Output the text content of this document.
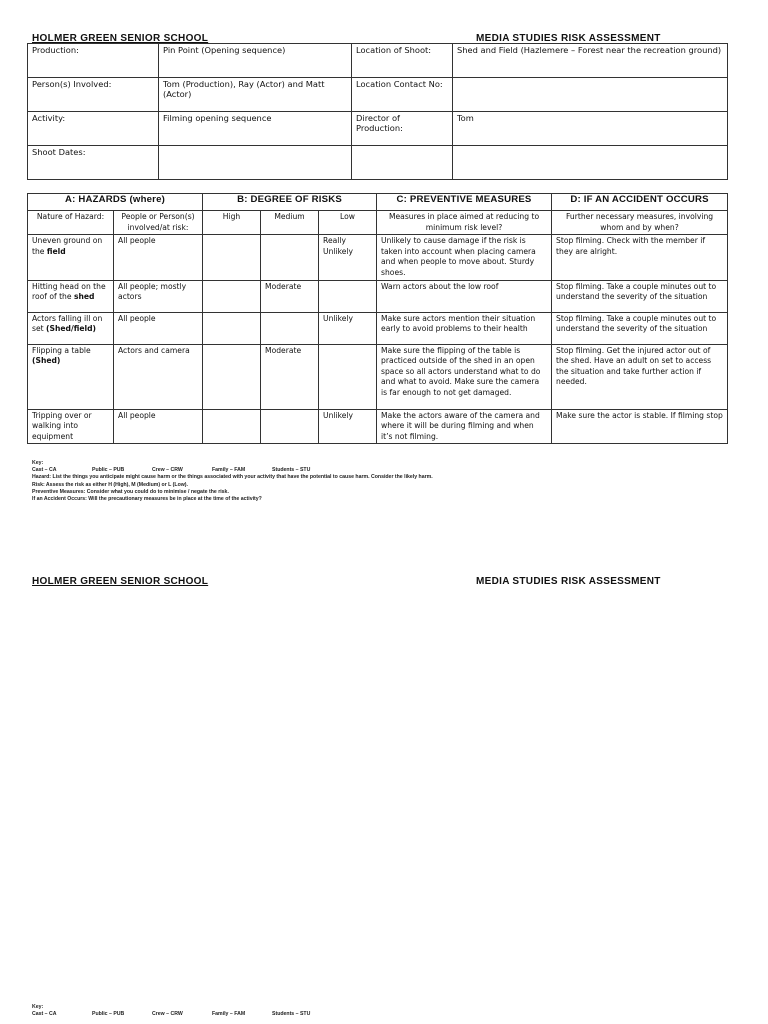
HOLMER GREEN SENIOR SCHOOL	MEDIA STUDIES RISK ASSESSMENT
Production:	Pin Point (Opening sequence)	Location of Shoot:	Shed and Field (Hazlemere – Forest near the recreation ground)
Person(s) Involved:	Tom (Production), Ray (Actor) and Matt (Actor)	Location Contact No:	
Activity:	Filming opening sequence	Director of Production:	Tom
Shoot Dates:			
A: HAZARDS (where)		B: DEGREE OF RISKS			C: PREVENTIVE MEASURES	D: IF AN ACCIDENT OCCURS
Nature of Hazard:	People or Person(s) involved/at risk:	High	Medium	Low	Measures in place aimed at reducing to minimum risk level?	Further necessary measures, involving whom and by when?
Uneven ground on the field	All people			Really Unlikely	Unlikely to cause damage if the risk is taken into account when placing camera and when people to move about. Sturdy shoes.	Stop filming. Check with the member if they are alright.
Hitting head on the roof of the shed	All people; mostly actors		Moderate		Warn actors about the low roof	Stop filming. Take a couple minutes out to understand the severity of the situation
Actors falling ill on set (Shed/field)	All people			Unlikely	Make sure actors mention their situation early to avoid problems to their health	Stop filming. Take a couple minutes out to understand the severity of the situation
Flipping a table (Shed)	Actors and camera		Moderate		Make sure the flipping of the table is practiced outside of the shed in an open space so all actors understand what to do and what to avoid. Make sure the camera is far enough to not get damaged.	Stop filming. Get the injured actor out of the shed. Have an adult on set to access the situation and take further action if needed.
Tripping over or walking into equipment	All people			Unlikely	Make the actors aware of the camera and where it will be during filming and when it’s not filming.	Make sure the actor is stable. If filming stop
Key:
Cast – CA	Public – PUB	Crew – CRW	Family – FAM	Students – STU
Hazard: List the things you anticipate might cause harm or the things associated with your activity that have the potential to cause harm. Consider the likely harm.
Risk: Assess the risk as either H (High), M (Medium) or L (Low).
Preventive Measures: Consider what you could do to minimise / negate the risk.
If an Accident Occurs: Will the precautionary measures be in place at the time of the activity?
HOLMER GREEN SENIOR SCHOOL	MEDIA STUDIES RISK ASSESSMENT
Key:
Cast – CA	Public – PUB	Crew – CRW	Family – FAM	Students – STU
